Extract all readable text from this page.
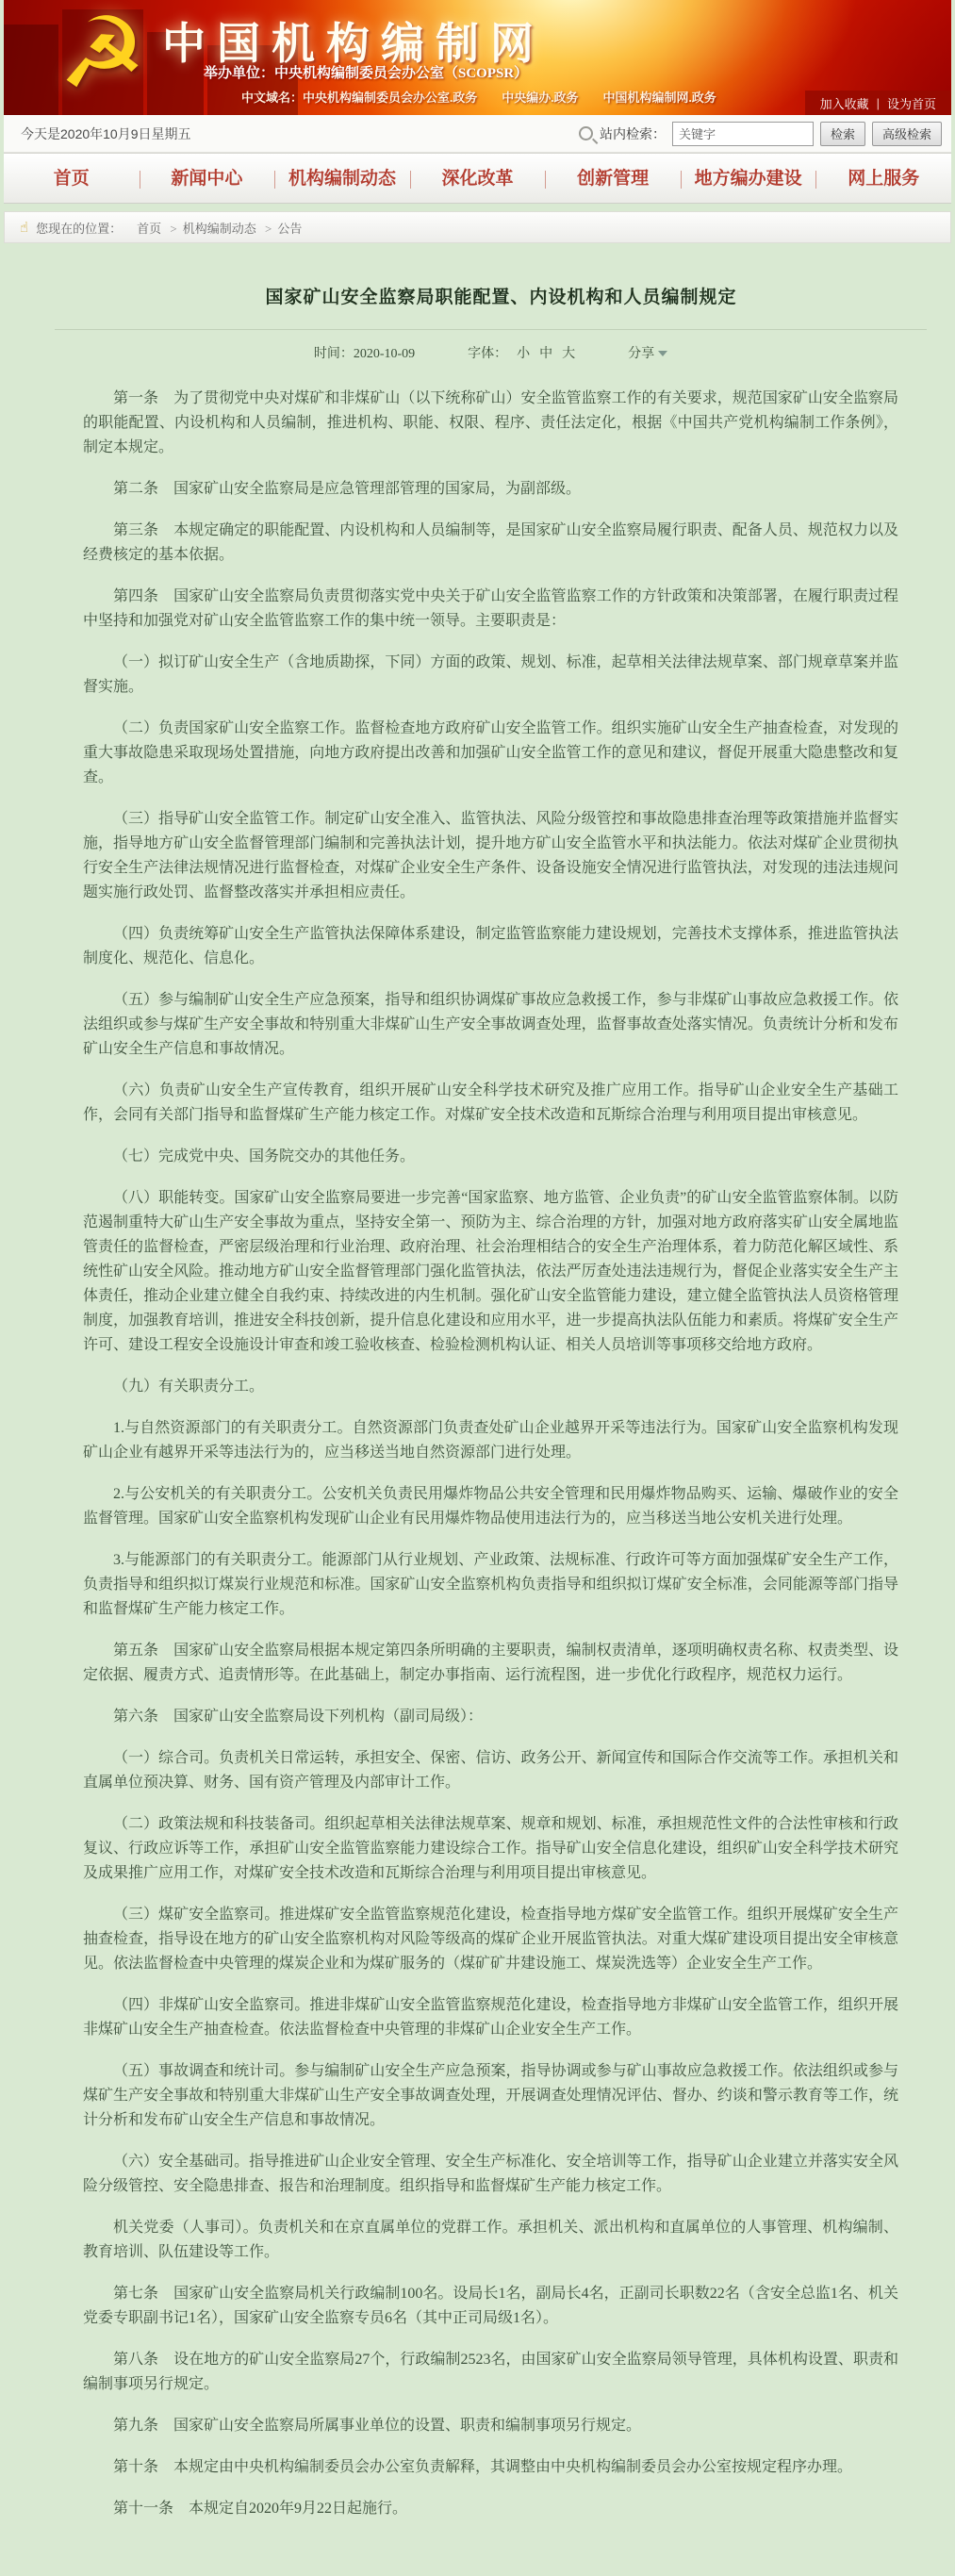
☭ 中国机构编制网
举办单位：中央机构编制委员会办公室（SCOPSR）
中文域名：中央机构编制委员会办公室.政务　　中央编办.政务　　中国机构编制网.政务	加入收藏 | 设为首页
今天是2020年10月9日星期五	站内检索：
关键字	检索	高级检索
首页	新闻中心	机构编制动态	深化改革	创新管理	地方编办建设	网上服务
☝ 您现在的位置：	首页 > 机构编制动态 > 公告
国家矿山安全监察局职能配置、内设机构和人员编制规定
时间：2020-10-09	字体： 小 中 大	分享

第一条　为了贯彻党中央对煤矿和非煤矿山（以下统称矿山）安全监管监察工作的有关要求，规范国家矿山安全监察局的职能配置、内设机构和人员编制，推进机构、职能、权限、程序、责任法定化，根据《中国共产党机构编制工作条例》，制定本规定。

第二条　国家矿山安全监察局是应急管理部管理的国家局，为副部级。

第三条　本规定确定的职能配置、内设机构和人员编制等，是国家矿山安全监察局履行职责、配备人员、规范权力以及经费核定的基本依据。

第四条　国家矿山安全监察局负责贯彻落实党中央关于矿山安全监管监察工作的方针政策和决策部署，在履行职责过程中坚持和加强党对矿山安全监管监察工作的集中统一领导。主要职责是：

（一）拟订矿山安全生产（含地质勘探，下同）方面的政策、规划、标准，起草相关法律法规草案、部门规章草案并监督实施。

（二）负责国家矿山安全监察工作。监督检查地方政府矿山安全监管工作。组织实施矿山安全生产抽查检查，对发现的重大事故隐患采取现场处置措施，向地方政府提出改善和加强矿山安全监管工作的意见和建议，督促开展重大隐患整改和复查。

（三）指导矿山安全监管工作。制定矿山安全准入、监管执法、风险分级管控和事故隐患排查治理等政策措施并监督实施，指导地方矿山安全监督管理部门编制和完善执法计划，提升地方矿山安全监管水平和执法能力。依法对煤矿企业贯彻执行安全生产法律法规情况进行监督检查，对煤矿企业安全生产条件、设备设施安全情况进行监管执法，对发现的违法违规问题实施行政处罚、监督整改落实并承担相应责任。

（四）负责统筹矿山安全生产监管执法保障体系建设，制定监管监察能力建设规划，完善技术支撑体系，推进监管执法制度化、规范化、信息化。

（五）参与编制矿山安全生产应急预案，指导和组织协调煤矿事故应急救援工作，参与非煤矿山事故应急救援工作。依法组织或参与煤矿生产安全事故和特别重大非煤矿山生产安全事故调查处理，监督事故查处落实情况。负责统计分析和发布矿山安全生产信息和事故情况。

（六）负责矿山安全生产宣传教育，组织开展矿山安全科学技术研究及推广应用工作。指导矿山企业安全生产基础工作，会同有关部门指导和监督煤矿生产能力核定工作。对煤矿安全技术改造和瓦斯综合治理与利用项目提出审核意见。

（七）完成党中央、国务院交办的其他任务。

（八）职能转变。国家矿山安全监察局要进一步完善“国家监察、地方监管、企业负责”的矿山安全监管监察体制。以防范遏制重特大矿山生产安全事故为重点，坚持安全第一、预防为主、综合治理的方针，加强对地方政府落实矿山安全属地监管责任的监督检查，严密层级治理和行业治理、政府治理、社会治理相结合的安全生产治理体系，着力防范化解区域性、系统性矿山安全风险。推动地方矿山安全监督管理部门强化监管执法，依法严厉查处违法违规行为，督促企业落实安全生产主体责任，推动企业建立健全自我约束、持续改进的内生机制。强化矿山安全监管能力建设，建立健全监管执法人员资格管理制度，加强教育培训，推进安全科技创新，提升信息化建设和应用水平，进一步提高执法队伍能力和素质。将煤矿安全生产许可、建设工程安全设施设计审查和竣工验收核查、检验检测机构认证、相关人员培训等事项移交给地方政府。

（九）有关职责分工。

1.与自然资源部门的有关职责分工。自然资源部门负责查处矿山企业越界开采等违法行为。国家矿山安全监察机构发现矿山企业有越界开采等违法行为的，应当移送当地自然资源部门进行处理。

2.与公安机关的有关职责分工。公安机关负责民用爆炸物品公共安全管理和民用爆炸物品购买、运输、爆破作业的安全监督管理。国家矿山安全监察机构发现矿山企业有民用爆炸物品使用违法行为的，应当移送当地公安机关进行处理。

3.与能源部门的有关职责分工。能源部门从行业规划、产业政策、法规标准、行政许可等方面加强煤矿安全生产工作，负责指导和组织拟订煤炭行业规范和标准。国家矿山安全监察机构负责指导和组织拟订煤矿安全标准，会同能源等部门指导和监督煤矿生产能力核定工作。

第五条　国家矿山安全监察局根据本规定第四条所明确的主要职责，编制权责清单，逐项明确权责名称、权责类型、设定依据、履责方式、追责情形等。在此基础上，制定办事指南、运行流程图，进一步优化行政程序，规范权力运行。

第六条　国家矿山安全监察局设下列机构（副司局级）：

（一）综合司。负责机关日常运转，承担安全、保密、信访、政务公开、新闻宣传和国际合作交流等工作。承担机关和直属单位预决算、财务、国有资产管理及内部审计工作。

（二）政策法规和科技装备司。组织起草相关法律法规草案、规章和规划、标准，承担规范性文件的合法性审核和行政复议、行政应诉等工作，承担矿山安全监管监察能力建设综合工作。指导矿山安全信息化建设，组织矿山安全科学技术研究及成果推广应用工作，对煤矿安全技术改造和瓦斯综合治理与利用项目提出审核意见。

（三）煤矿安全监察司。推进煤矿安全监管监察规范化建设，检查指导地方煤矿安全监管工作。组织开展煤矿安全生产抽查检查，指导设在地方的矿山安全监察机构对风险等级高的煤矿企业开展监管执法。对重大煤矿建设项目提出安全审核意见。依法监督检查中央管理的煤炭企业和为煤矿服务的（煤矿矿井建设施工、煤炭洗选等）企业安全生产工作。

（四）非煤矿山安全监察司。推进非煤矿山安全监管监察规范化建设，检查指导地方非煤矿山安全监管工作，组织开展非煤矿山安全生产抽查检查。依法监督检查中央管理的非煤矿山企业安全生产工作。

（五）事故调查和统计司。参与编制矿山安全生产应急预案，指导协调或参与矿山事故应急救援工作。依法组织或参与煤矿生产安全事故和特别重大非煤矿山生产安全事故调查处理，开展调查处理情况评估、督办、约谈和警示教育等工作，统计分析和发布矿山安全生产信息和事故情况。

（六）安全基础司。指导推进矿山企业安全管理、安全生产标准化、安全培训等工作，指导矿山企业建立并落实安全风险分级管控、安全隐患排查、报告和治理制度。组织指导和监督煤矿生产能力核定工作。

机关党委（人事司）。负责机关和在京直属单位的党群工作。承担机关、派出机构和直属单位的人事管理、机构编制、教育培训、队伍建设等工作。

第七条　国家矿山安全监察局机关行政编制100名。设局长1名，副局长4名，正副司长职数22名（含安全总监1名、机关党委专职副书记1名），国家矿山安全监察专员6名（其中正司局级1名）。

第八条　设在地方的矿山安全监察局27个，行政编制2523名，由国家矿山安全监察局领导管理，具体机构设置、职责和编制事项另行规定。

第九条　国家矿山安全监察局所属事业单位的设置、职责和编制事项另行规定。

第十条　本规定由中央机构编制委员会办公室负责解释，其调整由中央机构编制委员会办公室按规定程序办理。

第十一条　本规定自2020年9月22日起施行。
